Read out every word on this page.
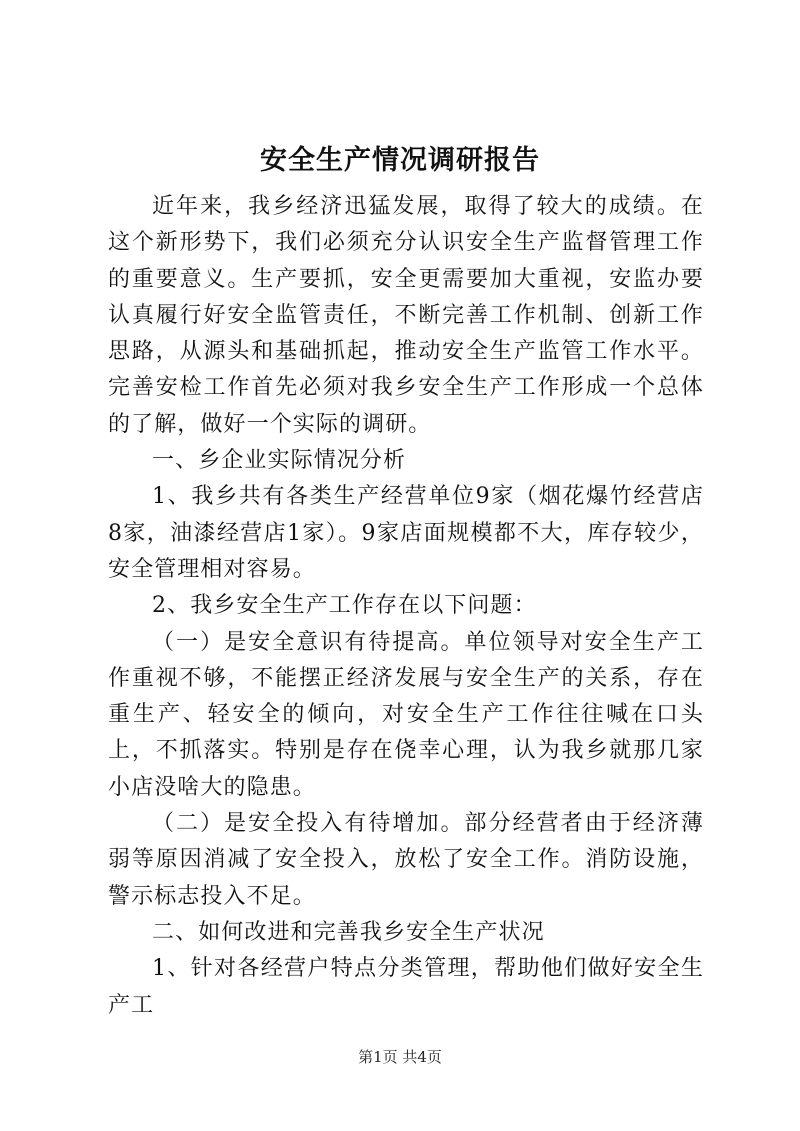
安全生产情况调研报告

近年来，我乡经济迅猛发展，取得了较大的成绩。在这个新形势下，我们必须充分认识安全生产监督管理工作的重要意义。生产要抓，安全更需要加大重视，安监办要认真履行好安全监管责任，不断完善工作机制、创新工作思路，从源头和基础抓起，推动安全生产监管工作水平。完善安检工作首先必须对我乡安全生产工作形成一个总体的了解，做好一个实际的调研。

一、乡企业实际情况分析

1、我乡共有各类生产经营单位9家（烟花爆竹经营店8家，油漆经营店1家）。9家店面规模都不大，库存较少，安全管理相对容易。

2、我乡安全生产工作存在以下问题：

（一）是安全意识有待提高。单位领导对安全生产工作重视不够，不能摆正经济发展与安全生产的关系，存在重生产、轻安全的倾向，对安全生产工作往往喊在口头上，不抓落实。特别是存在侥幸心理，认为我乡就那几家小店没啥大的隐患。

（二）是安全投入有待增加。部分经营者由于经济薄弱等原因消减了安全投入，放松了安全工作。消防设施，警示标志投入不足。

二、如何改进和完善我乡安全生产状况

1、针对各经营户特点分类管理，帮助他们做好安全生产工

第1页 共4页
